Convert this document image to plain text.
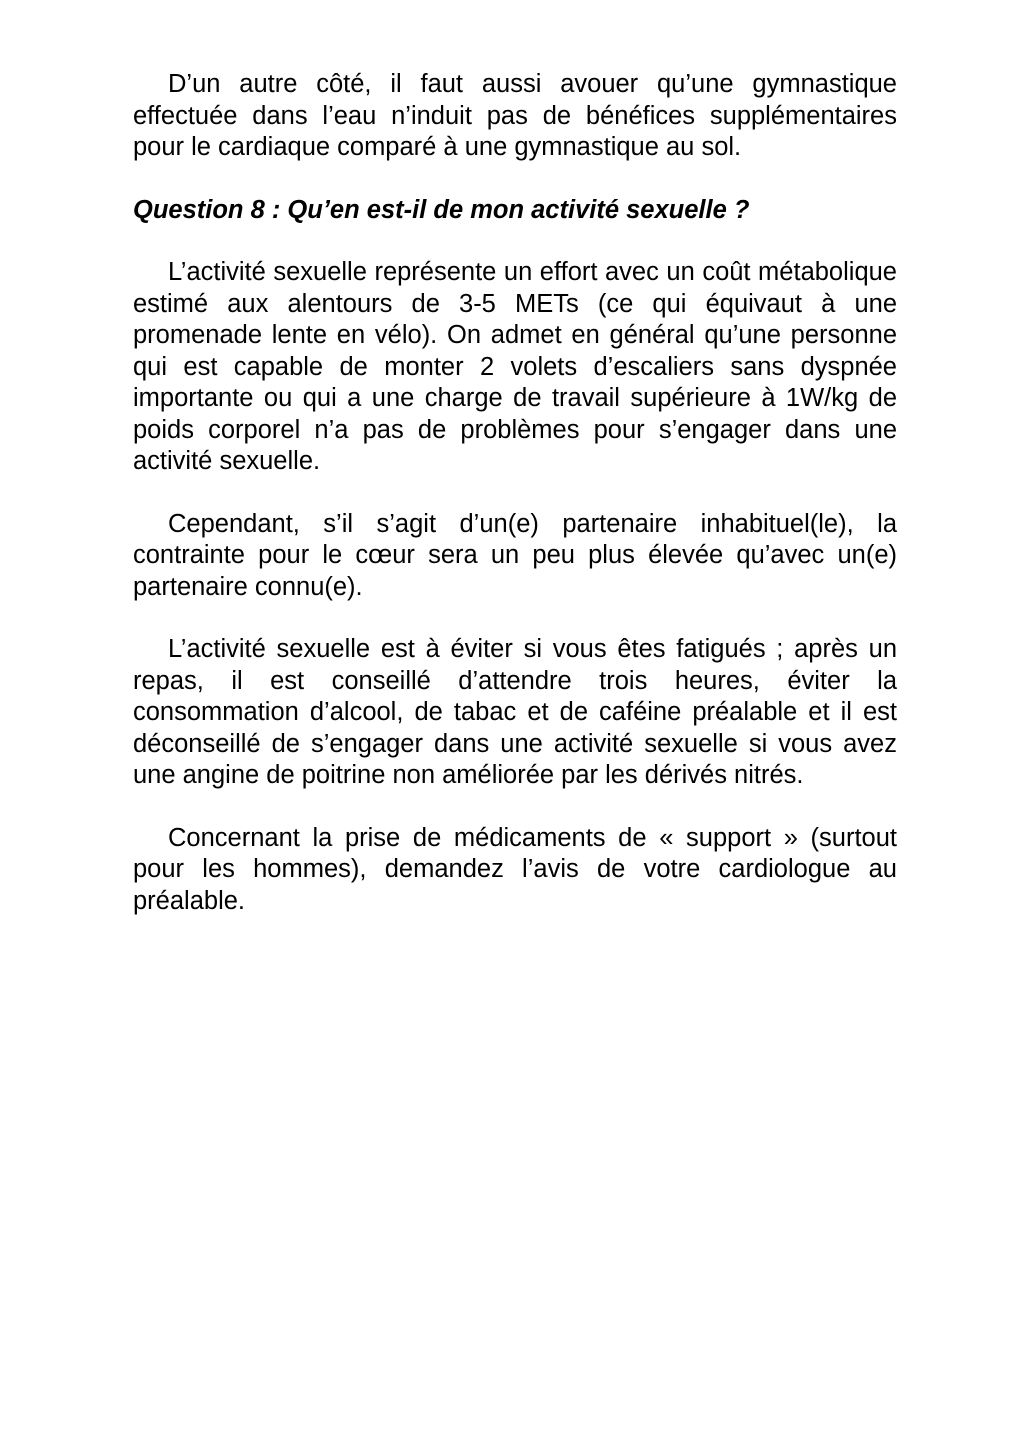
D’un autre côté, il faut aussi avouer qu’une gymnastique effectuée dans l’eau n’induit pas de bénéfices supplémentaires pour le cardiaque comparé à une gymnastique au sol.

Question 8 : Qu’en est-il de mon activité sexuelle ?

L’activité sexuelle représente un effort avec un coût métabolique estimé aux alentours de 3-5 METs (ce qui équivaut à une promenade lente en vélo). On admet en général qu’une personne qui est capable de monter 2 volets d’escaliers sans dyspnée importante ou qui a une charge de travail supérieure à 1W/kg de poids corporel n’a pas de problèmes pour s’engager dans une activité sexuelle.

Cependant, s’il s’agit d’un(e) partenaire inhabituel(le), la contrainte pour le cœur sera un peu plus élevée qu’avec un(e) partenaire connu(e).

L’activité sexuelle est à éviter si vous êtes fatigués ; après un repas, il est conseillé d’attendre trois heures, éviter la consommation d’alcool, de tabac et de caféine préalable et il est déconseillé de s’engager dans une activité sexuelle si vous avez une angine de poitrine non améliorée par les dérivés nitrés.

Concernant la prise de médicaments de « support » (surtout pour les hommes), demandez l’avis de votre cardiologue au préalable.
